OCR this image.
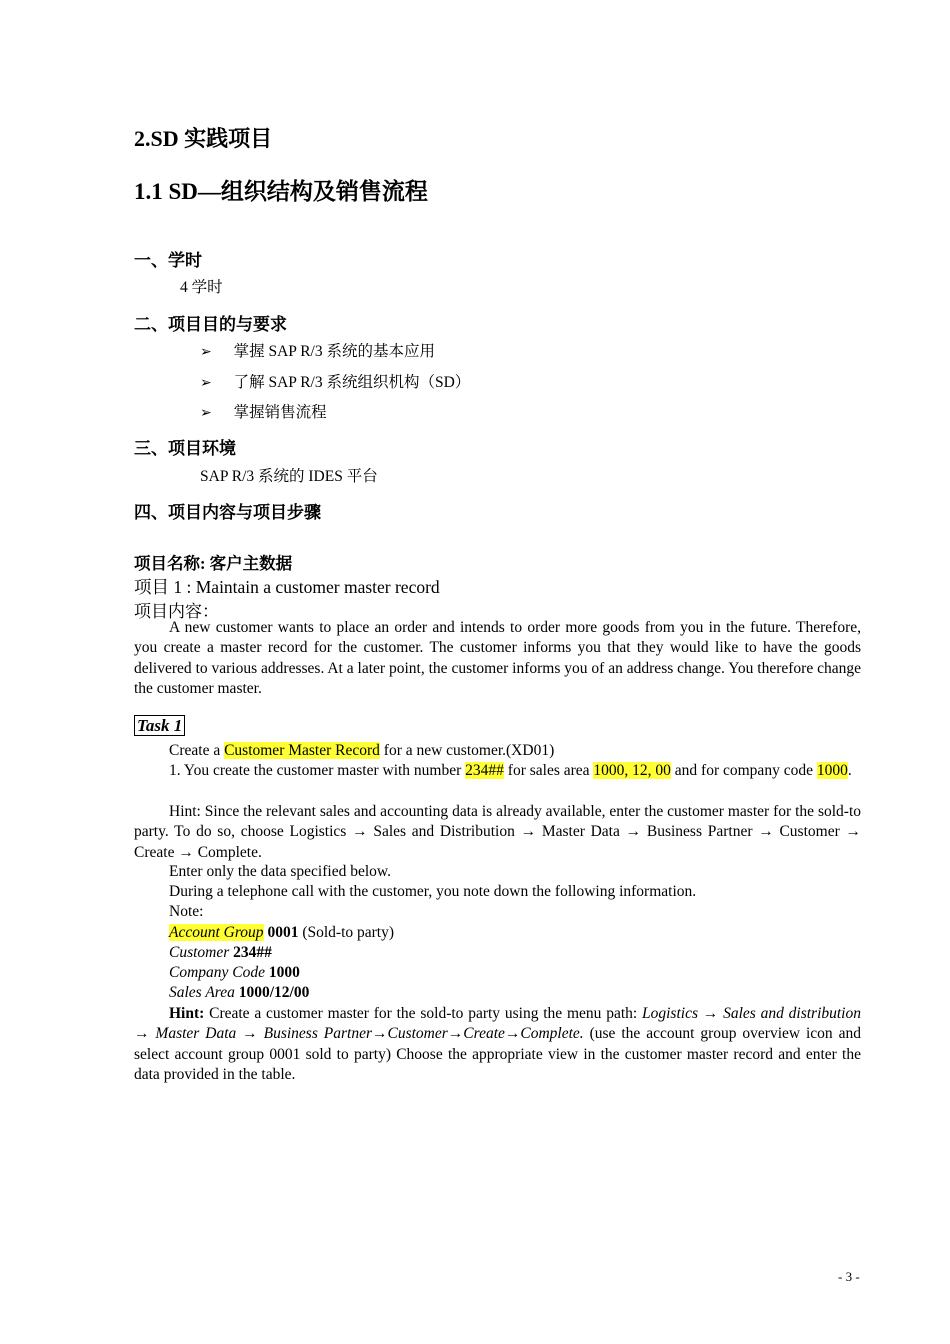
2.SD 实践项目
1.1 SD—组织结构及销售流程
一、学时
4 学时
二、项目目的与要求
➢ 掌握 SAP R/3 系统的基本应用
➢ 了解 SAP R/3 系统组织机构（SD）
➢ 掌握销售流程
三、项目环境
SAP R/3 系统的 IDES 平台
四、项目内容与项目步骤
项目名称: 客户主数据
项目 1 : Maintain a customer master record
项目内容：
A new customer wants to place an order and intends to order more goods from you in the future. Therefore, you create a master record for the customer. The customer informs you that they would like to have the goods delivered to various addresses. At a later point, the customer informs you of an address change. You therefore change the customer master.
Task 1
Create a Customer Master Record for a new customer.(XD01)
1. You create the customer master with number 234## for sales area 1000, 12, 00 and for company code 1000.
Hint: Since the relevant sales and accounting data is already available, enter the customer master for the sold-to party. To do so, choose Logistics → Sales and Distribution → Master Data → Business Partner → Customer → Create → Complete.
Enter only the data specified below.
During a telephone call with the customer, you note down the following information.
Note:
Account Group 0001 (Sold-to party)
Customer 234##
Company Code 1000
Sales Area 1000/12/00
Hint: Create a customer master for the sold-to party using the menu path: Logistics → Sales and distribution → Master Data → Business Partner→Customer→Create→Complete. (use the account group overview icon and select account group 0001 sold to party) Choose the appropriate view in the customer master record and enter the data provided in the table.
- 3 -
